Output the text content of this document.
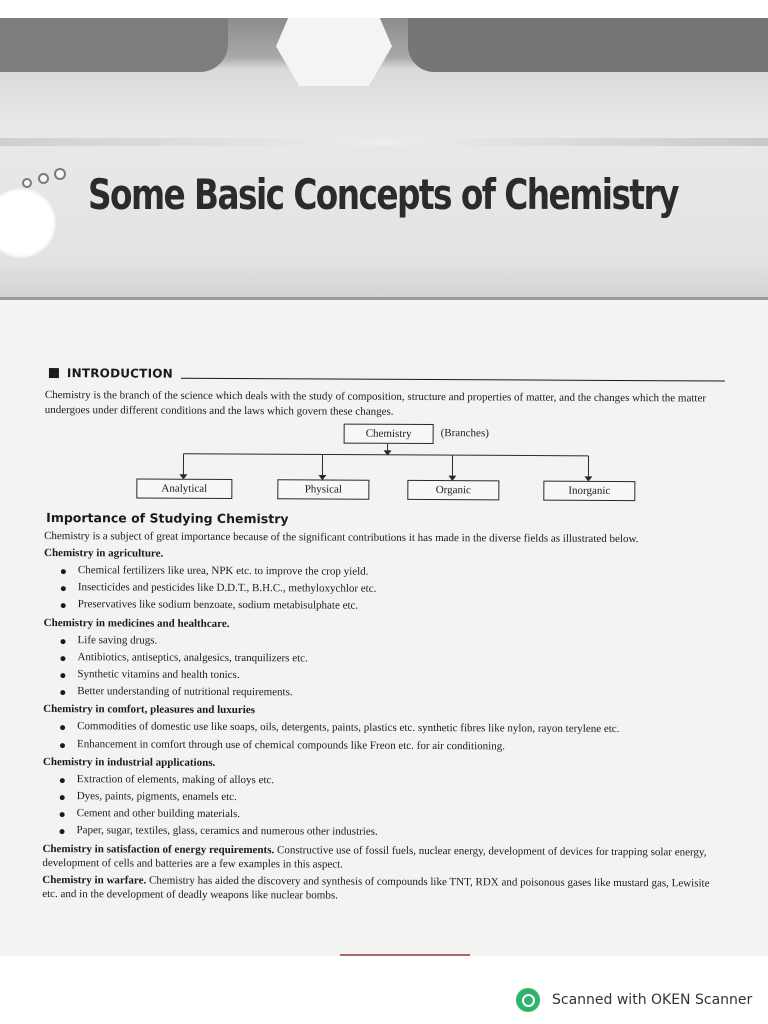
Some Basic Concepts of Chemistry
INTRODUCTION

Chemistry is the branch of the science which deals with the study of composition, structure and properties of matter, and the changes which the matter undergoes under different conditions and the laws which govern these changes.

Chemistry	(Branches)
Analytical	Physical	Organic	Inorganic
Importance of Studying Chemistry

Chemistry is a subject of great importance because of the significant contributions it has made in the diverse fields as illustrated below.

Chemistry in agriculture.

Chemical fertilizers like urea, NPK etc. to improve the crop yield.
Insecticides and pesticides like D.D.T., B.H.C., methyloxychlor etc.
Preservatives like sodium benzoate, sodium metabisulphate etc.

Chemistry in medicines and healthcare.

Life saving drugs.
Antibiotics, antiseptics, analgesics, tranquilizers etc.
Synthetic vitamins and health tonics.
Better understanding of nutritional requirements.

Chemistry in comfort, pleasures and luxuries

Commodities of domestic use like soaps, oils, detergents, paints, plastics etc. synthetic fibres like nylon, rayon terylene etc.
Enhancement in comfort through use of chemical compounds like Freon etc. for air conditioning.

Chemistry in industrial applications.

Extraction of elements, making of alloys etc.
Dyes, paints, pigments, enamels etc.
Cement and other building materials.
Paper, sugar, textiles, glass, ceramics and numerous other industries.

Chemistry in satisfaction of energy requirements. Constructive use of fossil fuels, nuclear energy, development of devices for trapping solar energy, development of cells and batteries are a few examples in this aspect.

Chemistry in warfare. Chemistry has aided the discovery and synthesis of compounds like TNT, RDX and poisonous gases like mustard gas, Lewisite etc. and in the development of deadly weapons like nuclear bombs.

Scanned with OKEN Scanner
